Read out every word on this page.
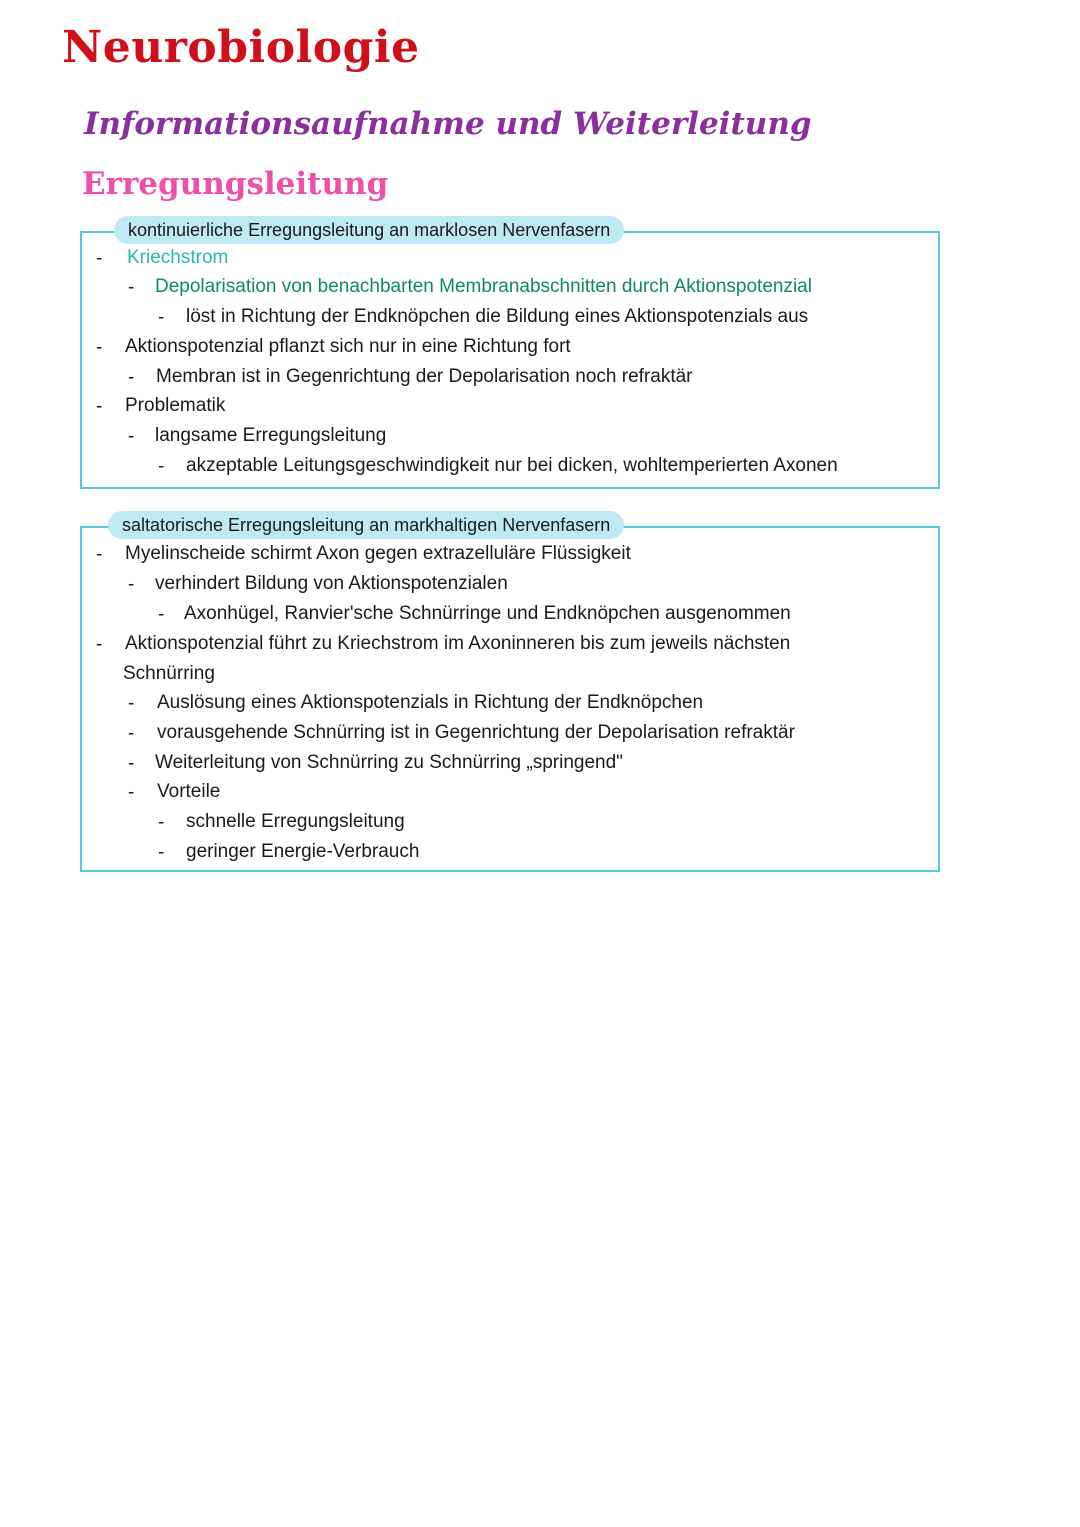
Neurobiologie
Informationsaufnahme und Weiterleitung
Erregungsleitung
kontinuierliche Erregungsleitung an marklosen Nervenfasern
- Kriechstrom
- Depolarisation von benachbarten Membranabschnitten durch Aktionspotenzial
- löst in Richtung der Endknöpchen die Bildung eines Aktionspotenzials aus
- Aktionspotenzial pflanzt sich nur in eine Richtung fort
- Membran ist in Gegenrichtung der Depolarisation noch refraktär
- Problematik
- langsame Erregungsleitung
- akzeptable Leitungsgeschwindigkeit nur bei dicken, wohltemperierten Axonen
saltatorische Erregungsleitung an markhaltigen Nervenfasern
- Myelinscheide schirmt Axon gegen extrazelluläre Flüssigkeit
- verhindert Bildung von Aktionspotenzialen
- Axonhügel, Ranvier'sche Schnürringe und Endknöpchen ausgenommen
- Aktionspotenzial führt zu Kriechstrom im Axoninneren bis zum jeweils nächsten
Schnürring
- Auslösung eines Aktionspotenzials in Richtung der Endknöpchen
- vorausgehende Schnürring ist in Gegenrichtung der Depolarisation refraktär
- Weiterleitung von Schnürring zu Schnürring „springend"
- Vorteile
- schnelle Erregungsleitung
- geringer Energie-Verbrauch
